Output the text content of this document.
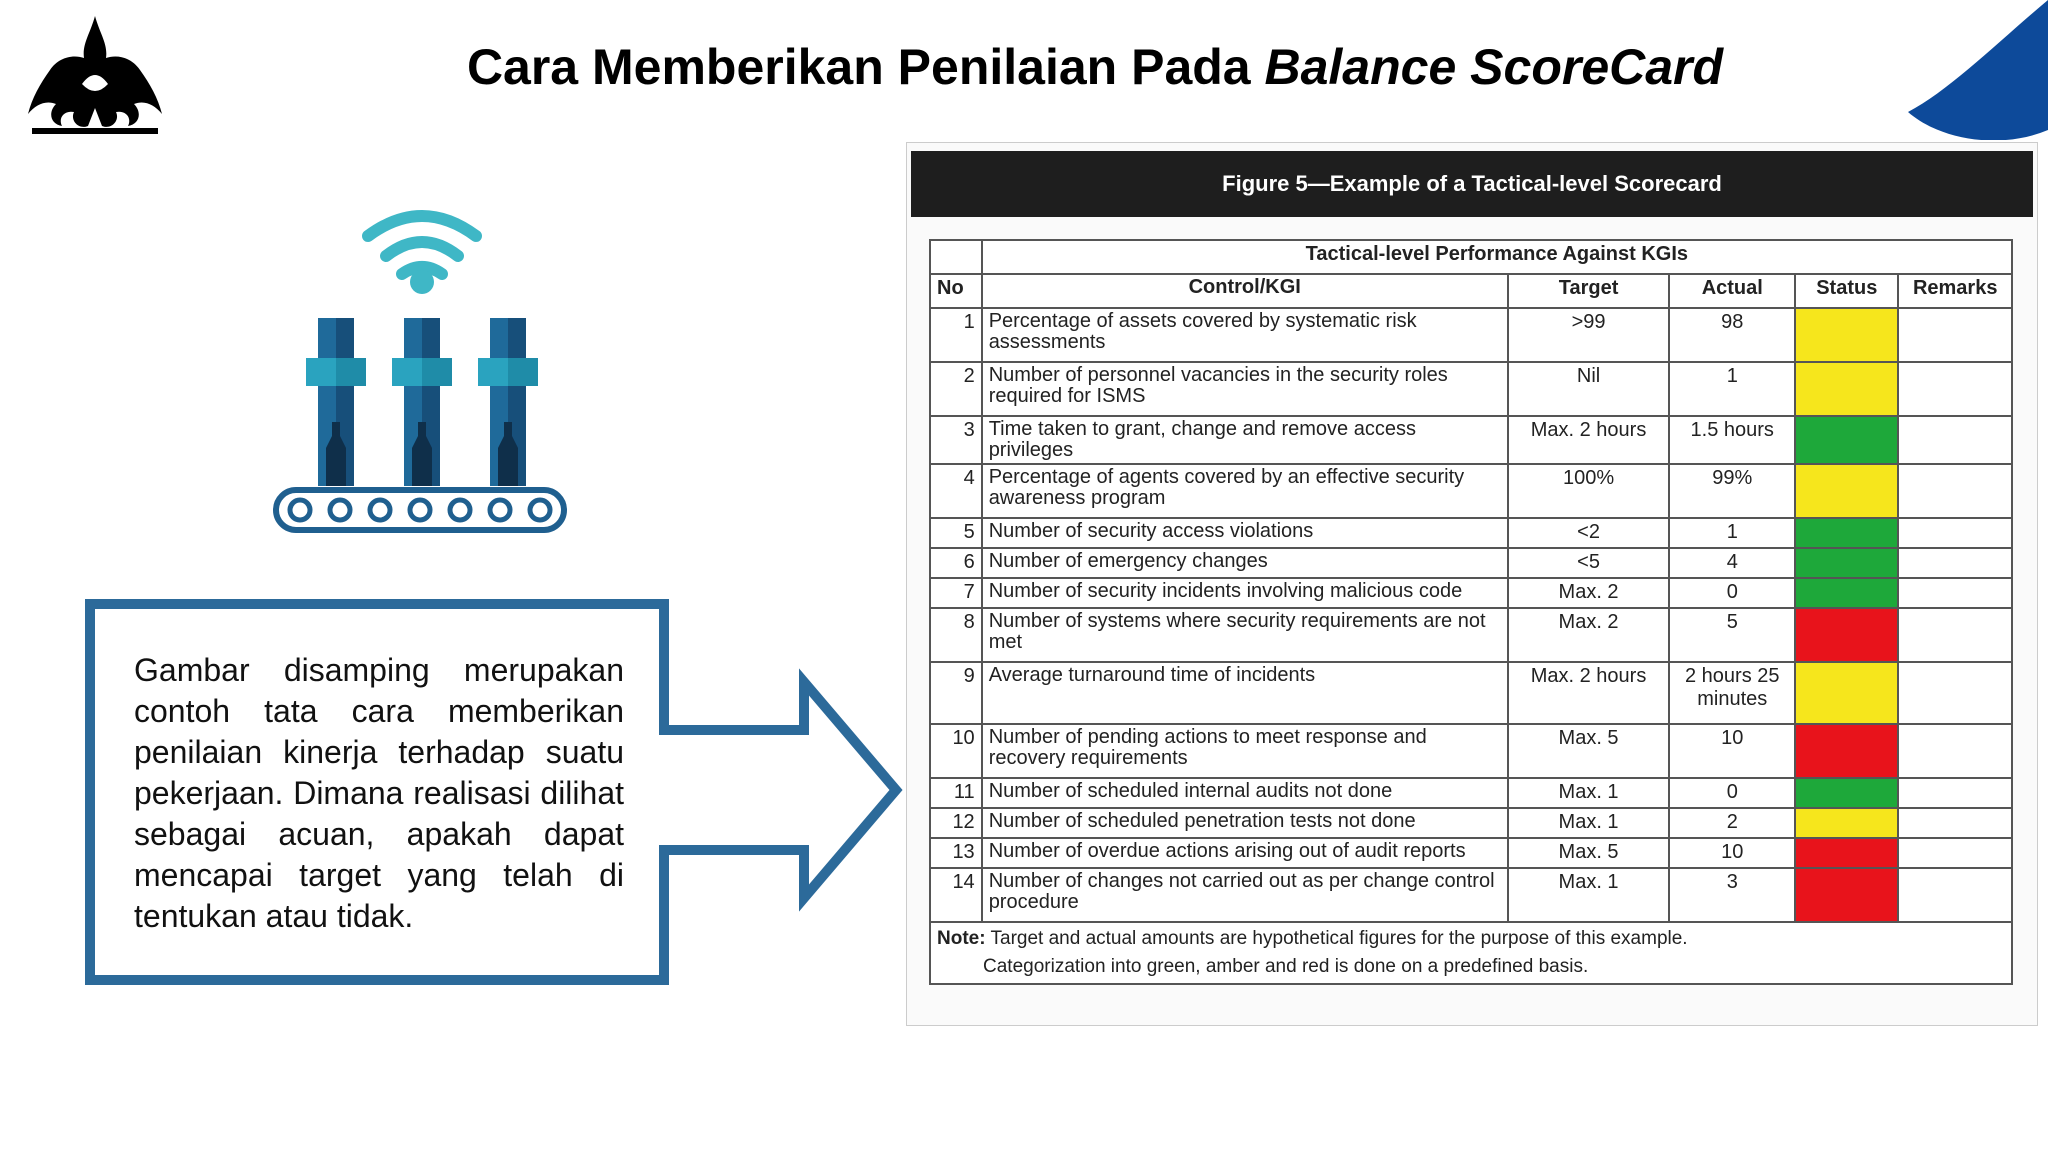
Cara Memberikan Penilaian Pada Balance ScoreCard
Gambar disamping merupakan contoh tata cara memberikan penilaian kinerja terhadap suatu pekerjaan. Dimana realisasi dilihat sebagai acuan, apakah dapat mencapai target yang telah di tentukan atau tidak.
Figure 5—Example of a Tactical-level Scorecard
	Tactical-level Performance Against KGIs				
No	Control/KGI	Target	Actual	Status	Remarks
1	Percentage of assets covered by systematic risk assessments	>99	98		
2	Number of personnel vacancies in the security roles required for ISMS	Nil	1		
3	Time taken to grant, change and remove access privileges	Max. 2 hours	1.5 hours		
4	Percentage of agents covered by an effective security awareness program	100%	99%		
5	Number of security access violations	<2	1		
6	Number of emergency changes	<5	4		
7	Number of security incidents involving malicious code	Max. 2	0		
8	Number of systems where security requirements are not met	Max. 2	5		
9	Average turnaround time of incidents	Max. 2 hours	2 hours 25 minutes		
10	Number of pending actions to meet response and recovery requirements	Max. 5	10		
11	Number of scheduled internal audits not done	Max. 1	0		
12	Number of scheduled penetration tests not done	Max. 1	2		
13	Number of overdue actions arising out of audit reports	Max. 5	10		
14	Number of changes not carried out as per change control procedure	Max. 1	3		
Note: Target and actual amounts are hypothetical figures for the purpose of this example.
Categorization into green, amber and red is done on a predefined basis.					
